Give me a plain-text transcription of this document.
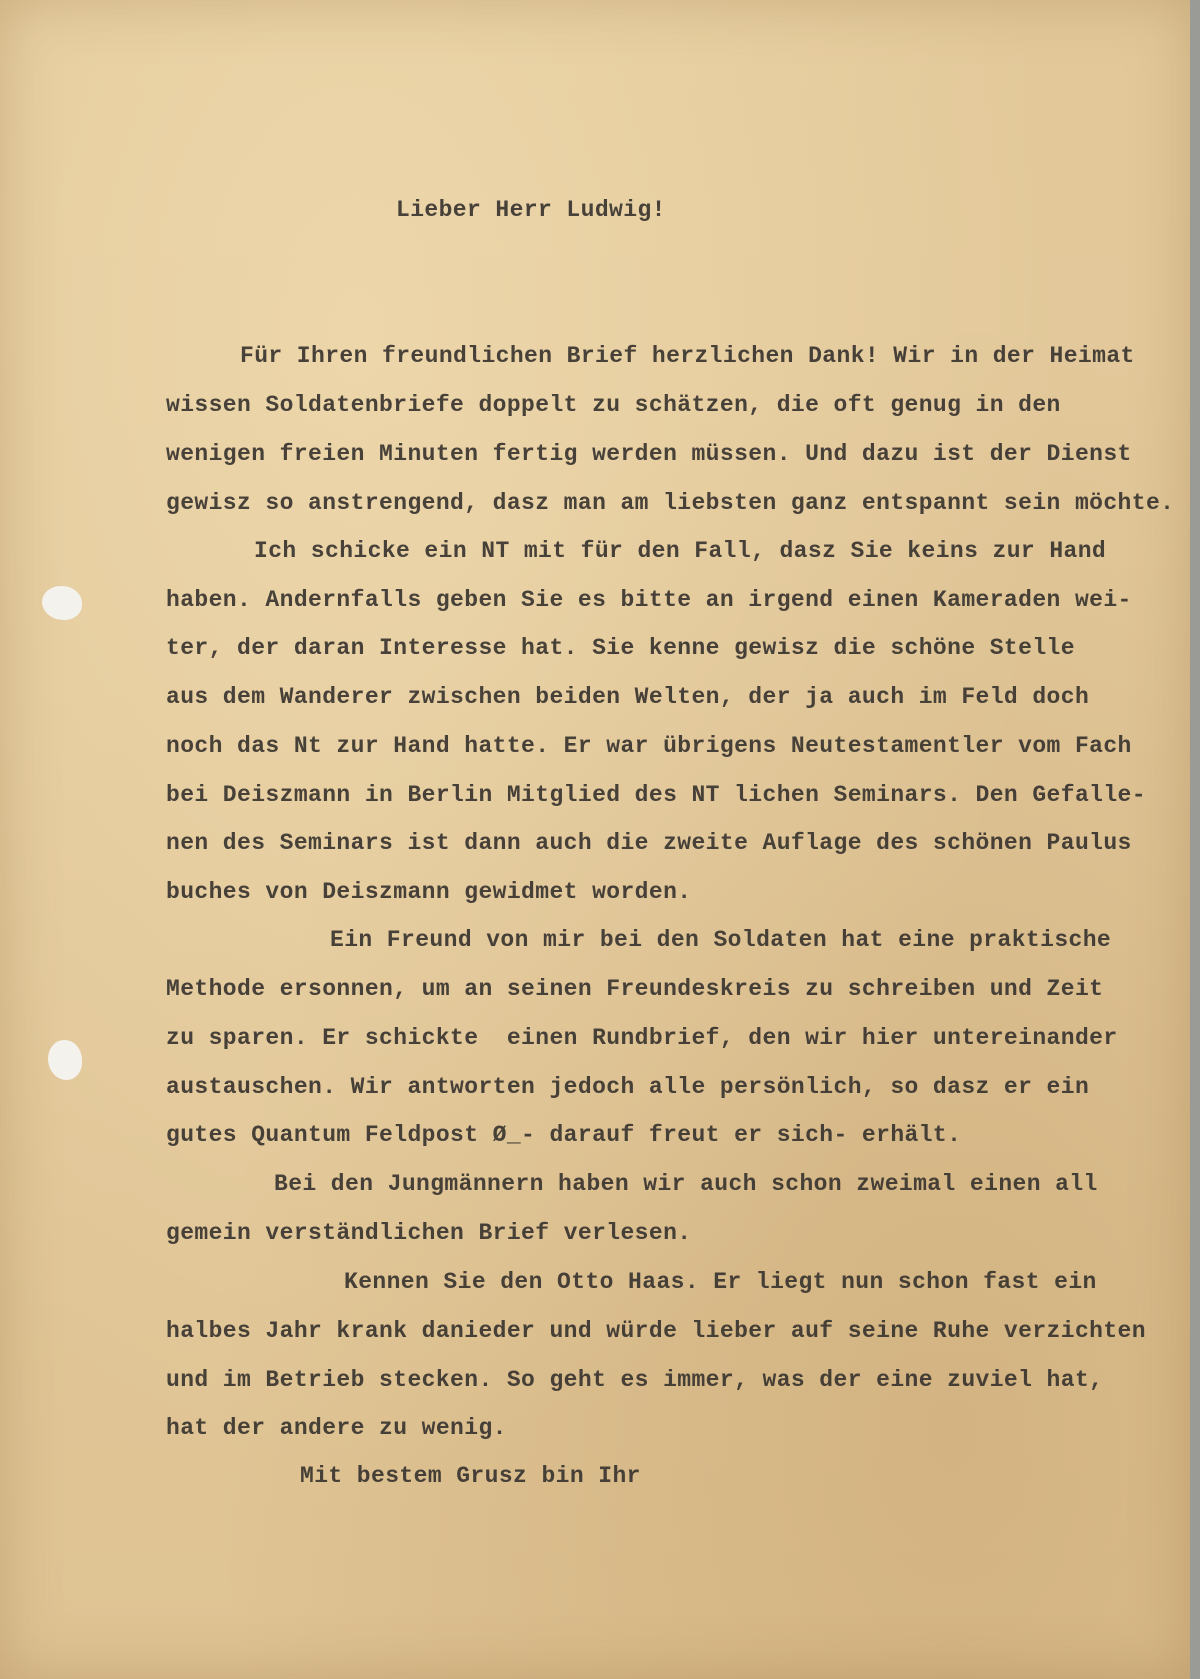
Lieber Herr Ludwig!
Für Ihren freundlichen Brief herzlichen Dank! Wir in der Heimat
wissen Soldatenbriefe doppelt zu schätzen, die oft genug in den
wenigen freien Minuten fertig werden müssen. Und dazu ist der Dienst
gewisz so anstrengend, dasz man am liebsten ganz entspannt sein möchte.
Ich schicke ein NT mit für den Fall, dasz Sie keins zur Hand
haben. Andernfalls geben Sie es bitte an irgend einen Kameraden wei-
ter, der daran Interesse hat. Sie kenne gewisz die schöne Stelle
aus dem Wanderer zwischen beiden Welten, der ja auch im Feld doch
noch das Nt zur Hand hatte. Er war übrigens Neutestamentler vom Fach
bei Deiszmann in Berlin Mitglied des NT lichen Seminars. Den Gefalle-
nen des Seminars ist dann auch die zweite Auflage des schönen Paulus
buches von Deiszmann gewidmet worden.
Ein Freund von mir bei den Soldaten hat eine praktische
Methode ersonnen, um an seinen Freundeskreis zu schreiben und Zeit
zu sparen. Er schickte  einen Rundbrief, den wir hier untereinander
austauschen. Wir antworten jedoch alle persönlich, so dasz er ein
gutes Quantum Feldpost Ø_- darauf freut er sich- erhält.
Bei den Jungmännern haben wir auch schon zweimal einen all
gemein verständlichen Brief verlesen.
Kennen Sie den Otto Haas. Er liegt nun schon fast ein
halbes Jahr krank danieder und würde lieber auf seine Ruhe verzichten
und im Betrieb stecken. So geht es immer, was der eine zuviel hat,
hat der andere zu wenig.
Mit bestem Grusz bin Ihr
